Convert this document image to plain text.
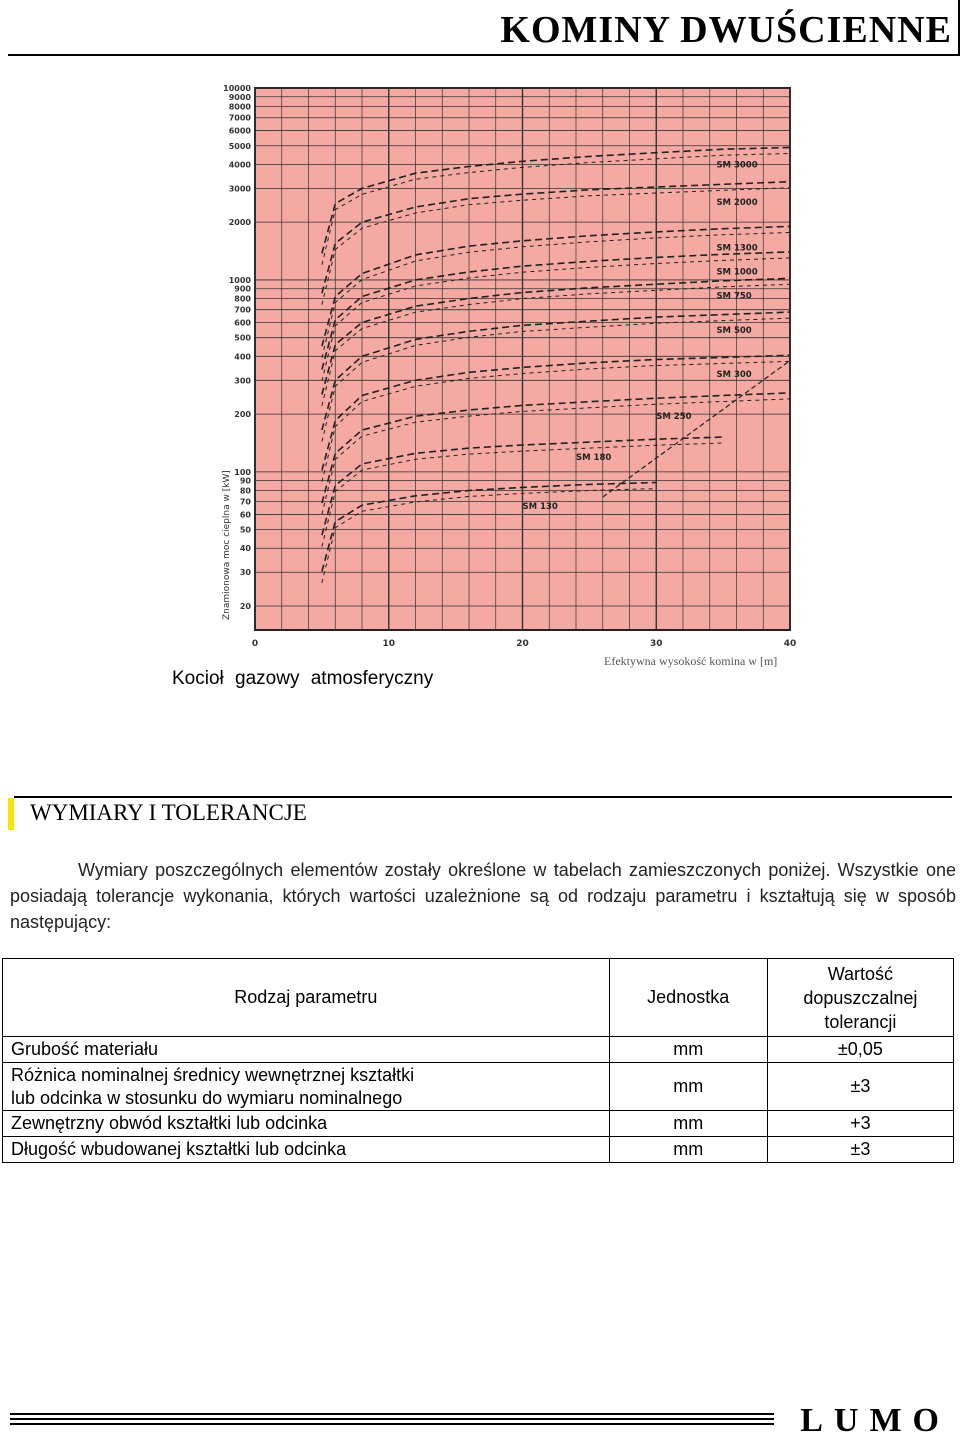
KOMINY DWUŚCIENNE
10000
9000
8000
7000
6000
5000
4000
3000
2000
1000
900
800
700
600
500
400
300
200
100
90
80
70
60
50
40
30
20
0	10	20	30	40
Znamionowa moc cieplna w [kW]
SM 3000
SM 2000
SM 1300
SM 1000
SM 750
SM 500
SM 300
SM 250
SM 180
SM 130
Efektywna wysokość komina w [m]
Kocioł gazowy atmosferyczny
WYMIARY I TOLERANCJE
Wymiary poszczególnych elementów zostały określone w tabelach zamieszczonych poniżej. Wszystkie one posiadają tolerancje wykonania, których wartości uzależnione są od rodzaju parametru i kształtują się w sposób następujący:
Rodzaj parametru	Jednostka	Wartość dopuszczalnej tolerancji
Grubość materiału	mm	±0,05
Różnica nominalnej średnicy wewnętrznej kształtki lub odcinka w stosunku do wymiaru nominalnego	mm	±3
Zewnętrzny obwód kształtki lub odcinka	mm	+3
Długość wbudowanej kształtki lub odcinka	mm	±3
LUMO
